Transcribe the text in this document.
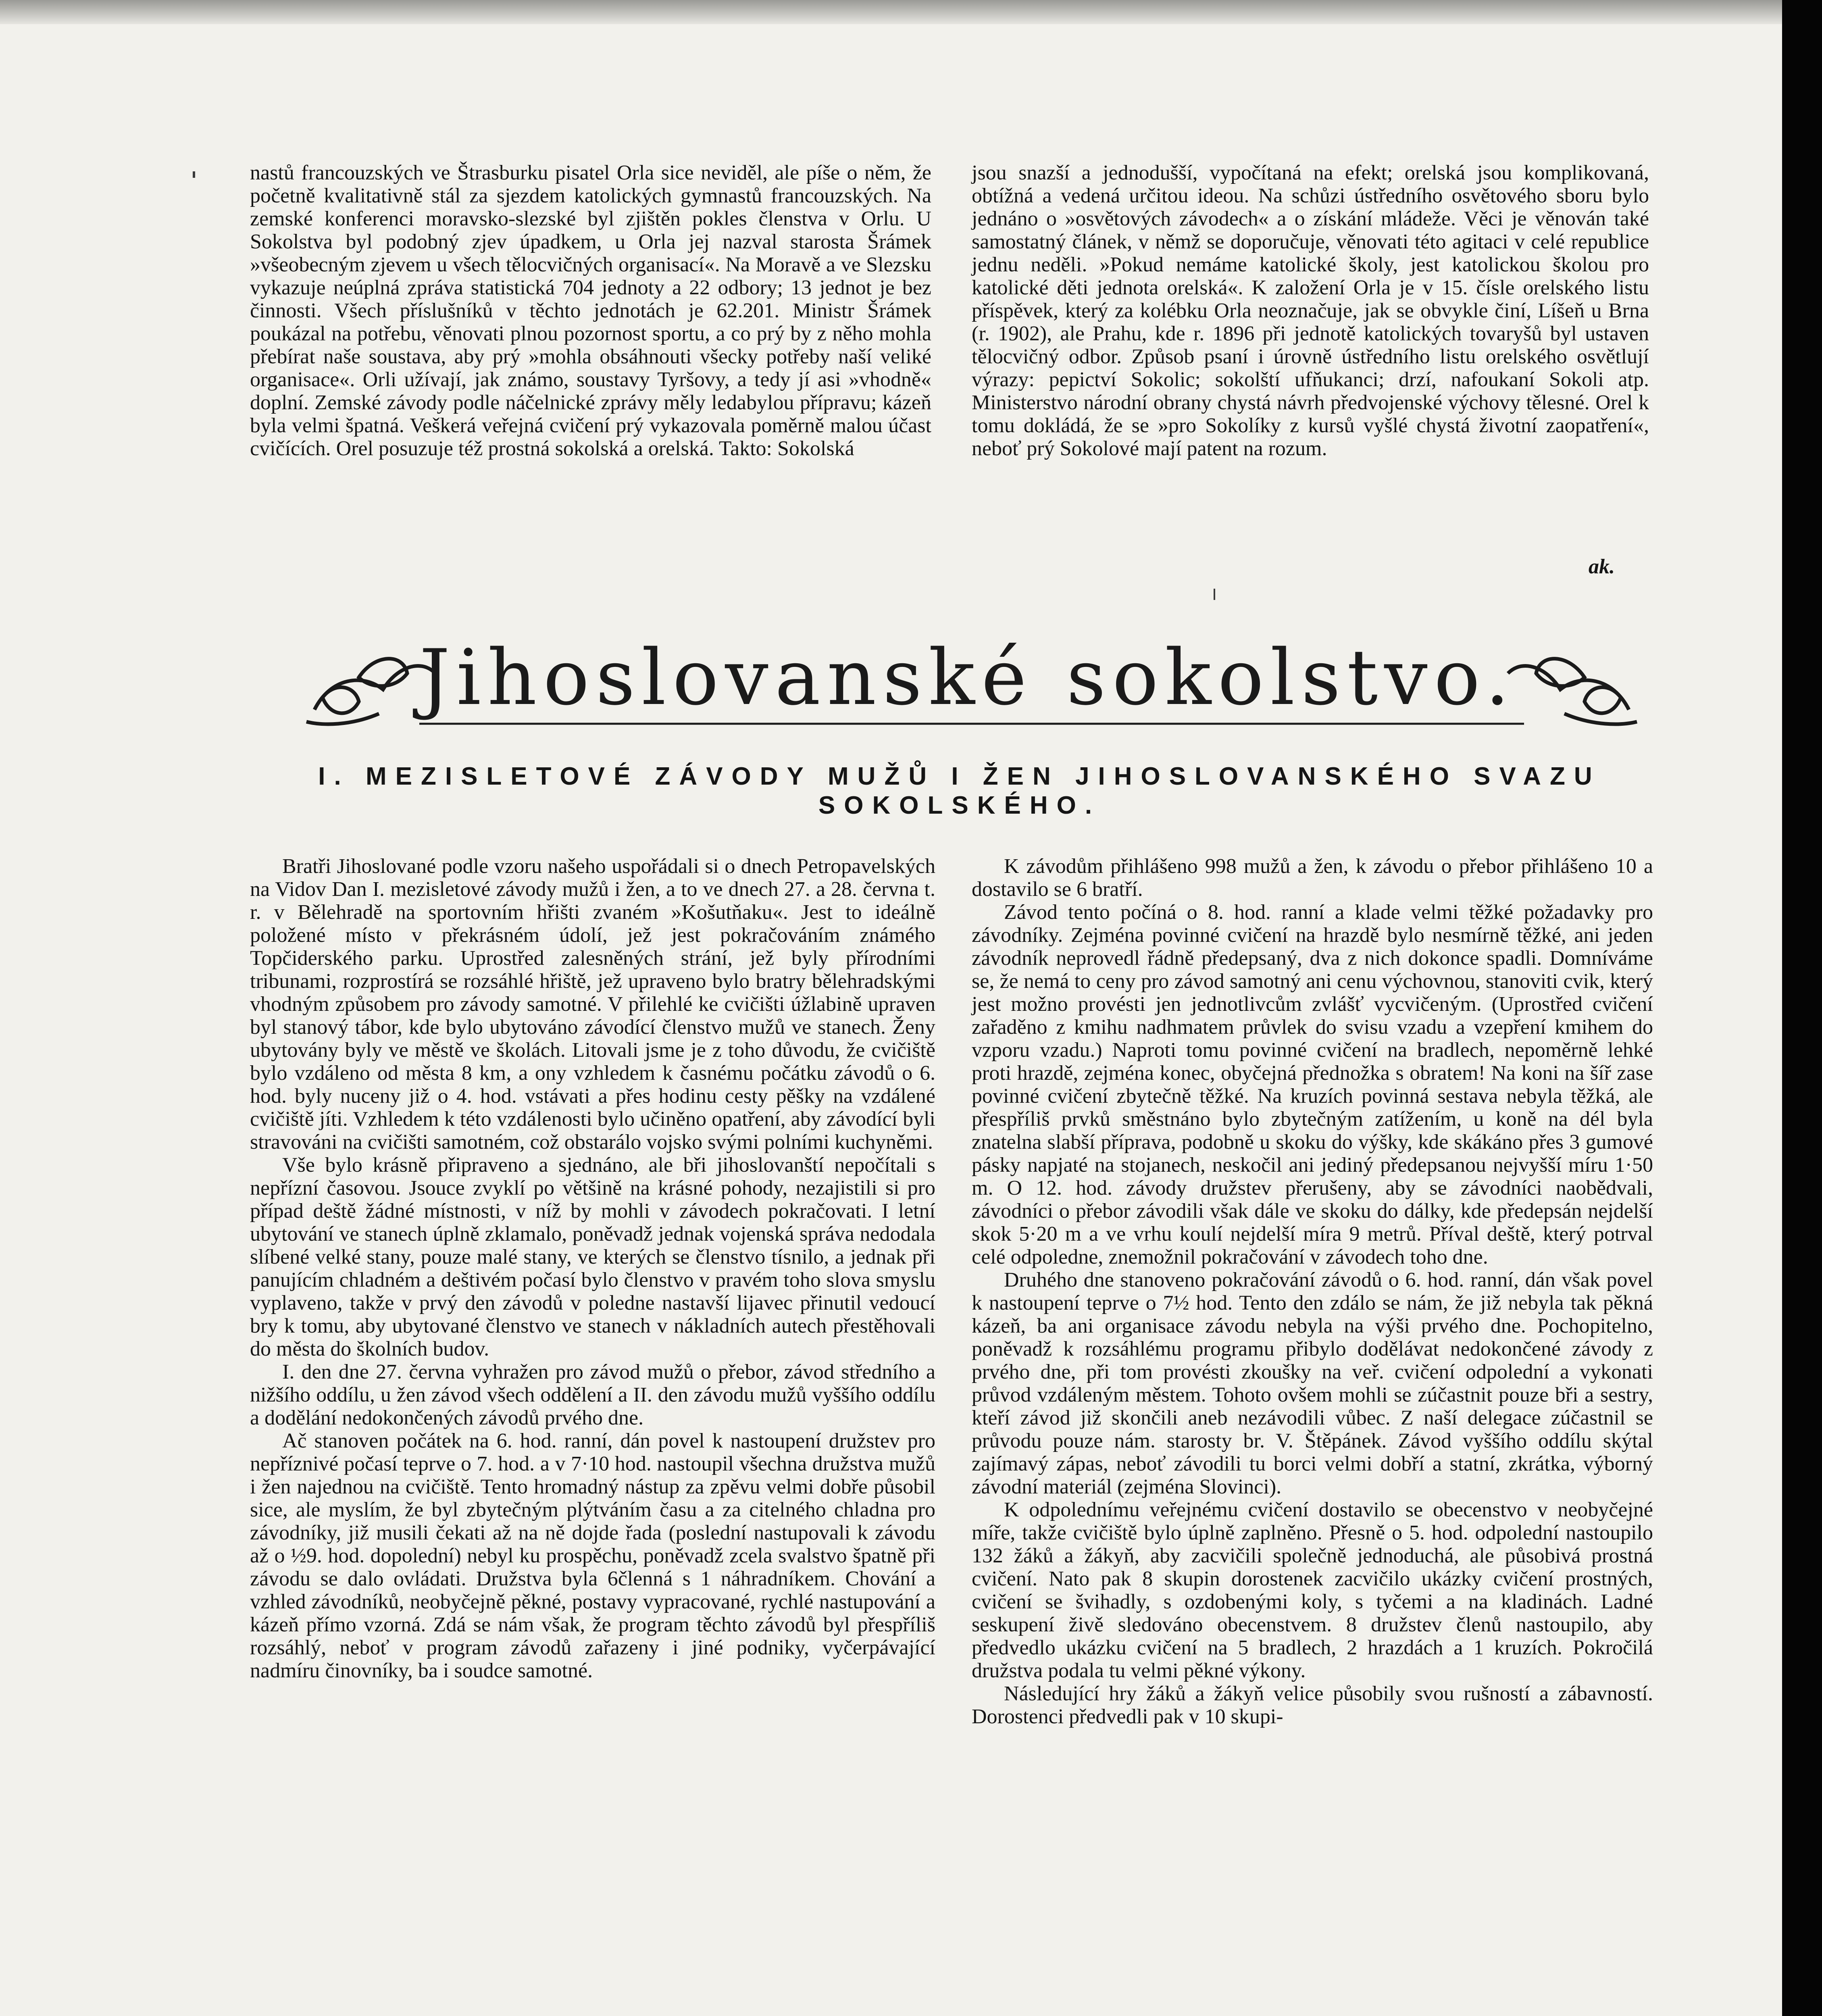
nastů francouzských ve Štrasburku pisatel Orla sice neviděl, ale píše o něm, že početně kvalitativně stál za sjezdem katolických gymnastů francouzských. Na zemské konferenci moravsko-slezské byl zjištěn pokles členstva v Orlu. U Sokolstva byl podobný zjev úpadkem, u Orla jej nazval starosta Šrámek »všeobecným zjevem u všech tělocvičných organisací«. Na Moravě a ve Slezsku vykazuje neúplná zpráva statistická 704 jednoty a 22 odbory; 13 jednot je bez činnosti. Všech příslušníků v těchto jednotách je 62.201. Ministr Šrámek poukázal na potřebu, věnovati plnou pozornost sportu, a co prý by z něho mohla přebírat naše soustava, aby prý »mohla obsáhnouti všecky potřeby naší veliké organisace«. Orli užívají, jak známo, soustavy Tyršovy, a tedy jí asi »vhodně« doplní. Zemské závody podle náčelnické zprávy měly ledabylou přípravu; kázeň byla velmi špatná. Veškerá veřejná cvičení prý vykazovala poměrně malou účast cvičících. Orel posuzuje též prostná sokolská a orelská. Takto: Sokolská

jsou snazší a jednodušší, vypočítaná na efekt; orelská jsou komplikovaná, obtížná a vedená určitou ideou. Na schůzi ústředního osvětového sboru bylo jednáno o »osvětových závodech« a o získání mládeže. Věci je věnován také samostatný článek, v němž se doporučuje, věnovati této agitaci v celé republice jednu neděli. »Pokud nemáme katolické školy, jest katolickou školou pro katolické děti jednota orelská«. K založení Orla je v 15. čísle orelského listu příspěvek, který za kolébku Orla neoznačuje, jak se obvykle činí, Líšeň u Brna (r. 1902), ale Prahu, kde r. 1896 při jednotě katolických tovaryšů byl ustaven tělocvičný odbor. Způsob psaní i úrovně ústředního listu orelského osvětlují výrazy: pepictví Sokolic; sokolští ufňukanci; drzí, nafoukaní Sokoli atp. Ministerstvo národní obrany chystá návrh předvojenské výchovy tělesné. Orel k tomu dokládá, že se »pro Sokolíky z kursů vyšlé chystá životní zaopatření«, neboť prý Sokolové mají patent na rozum.

ak.
Jihoslovanské sokolstvo.
I. MEZISLETOVÉ ZÁVODY MUŽŮ I ŽEN JIHOSLOVANSKÉHO SVAZU
SOKOLSKÉHO.

Bratři Jihoslované podle vzoru našeho uspořádali si o dnech Petropavelských na Vidov Dan I. mezisletové závody mužů i žen, a to ve dnech 27. a 28. června t. r. v Bělehradě na sportovním hřišti zvaném »Košutňaku«. Jest to ideálně položené místo v překrásném údolí, jež jest pokračováním známého Topčiderského parku. Uprostřed zalesněných strání, jež byly přírodními tribunami, rozprostírá se rozsáhlé hřiště, jež upraveno bylo bratry bělehradskými vhodným způsobem pro závody samotné. V přilehlé ke cvičišti úžlabině upraven byl stanový tábor, kde bylo ubytováno závodící členstvo mužů ve stanech. Ženy ubytovány byly ve městě ve školách. Litovali jsme je z toho důvodu, že cvičiště bylo vzdáleno od města 8 km, a ony vzhledem k časnému počátku závodů o 6. hod. byly nuceny již o 4. hod. vstávati a přes hodinu cesty pěšky na vzdálené cvičiště jíti. Vzhledem k této vzdálenosti bylo učiněno opatření, aby závodící byli stravováni na cvičišti samotném, což obstarálo vojsko svými polními kuchyněmi.

Vše bylo krásně připraveno a sjednáno, ale bři jihoslovanští nepočítali s nepřízní časovou. Jsouce zvyklí po většině na krásné pohody, nezajistili si pro případ deště žádné místnosti, v níž by mohli v závodech pokračovati. I letní ubytování ve stanech úplně zklamalo, poněvadž jednak vojenská správa nedodala slíbené velké stany, pouze malé stany, ve kterých se členstvo tísnilo, a jednak při panujícím chladném a deštivém počasí bylo členstvo v pravém toho slova smyslu vyplaveno, takže v prvý den závodů v poledne nastavší lijavec přinutil vedoucí bry k tomu, aby ubytované členstvo ve stanech v nákladních autech přestěhovali do města do školních budov.

I. den dne 27. června vyhražen pro závod mužů o přebor, závod středního a nižšího oddílu, u žen závod všech oddělení a II. den závodu mužů vyššího oddílu a dodělání nedokončených závodů prvého dne.

Ač stanoven počátek na 6. hod. ranní, dán povel k nastoupení družstev pro nepříznivé počasí teprve o 7. hod. a v 7·10 hod. nastoupil všechna družstva mužů i žen najednou na cvičiště. Tento hromadný nástup za zpěvu velmi dobře působil sice, ale myslím, že byl zbytečným plýtváním času a za citelného chladna pro závodníky, již musili čekati až na ně dojde řada (poslední nastupovali k závodu až o ½9. hod. dopolední) nebyl ku prospěchu, poněvadž zcela svalstvo špatně při závodu se dalo ovládati. Družstva byla 6členná s 1 náhradníkem. Chování a vzhled závodníků, neobyčejně pěkné, postavy vypracované, rychlé nastupování a kázeň přímo vzorná. Zdá se nám však, že program těchto závodů byl přespříliš rozsáhlý, neboť v program závodů zařazeny i jiné podniky, vyčerpávající nadmíru činovníky, ba i soudce samotné.

K závodům přihlášeno 998 mužů a žen, k závodu o přebor přihlášeno 10 a dostavilo se 6 bratří.

Závod tento počíná o 8. hod. ranní a klade velmi těžké požadavky pro závodníky. Zejména povinné cvičení na hrazdě bylo nesmírně těžké, ani jeden závodník neprovedl řádně předepsaný, dva z nich dokonce spadli. Domníváme se, že nemá to ceny pro závod samotný ani cenu výchovnou, stanoviti cvik, který jest možno provésti jen jednotlivcům zvlášť vycvičeným. (Uprostřed cvičení zařaděno z kmihu nadhmatem průvlek do svisu vzadu a vzepření kmihem do vzporu vzadu.) Naproti tomu povinné cvičení na bradlech, nepoměrně lehké proti hrazdě, zejména konec, obyčejná přednožka s obratem! Na koni na šíř zase povinné cvičení zbytečně těžké. Na kruzích povinná sestava nebyla těžká, ale přespříliš prvků směstnáno bylo zbytečným zatížením, u koně na dél byla znatelna slabší příprava, podobně u skoku do výšky, kde skákáno přes 3 gumové pásky napjaté na stojanech, neskočil ani jediný předepsanou nejvyšší míru 1·50 m. O 12. hod. závody družstev přerušeny, aby se závodníci naobědvali, závodníci o přebor závodili však dále ve skoku do dálky, kde předepsán nejdelší skok 5·20 m a ve vrhu koulí nejdelší míra 9 metrů. Příval deště, který potrval celé odpoledne, znemožnil pokračování v závodech toho dne.

Druhého dne stanoveno pokračování závodů o 6. hod. ranní, dán však povel k nastoupení teprve o 7½ hod. Tento den zdálo se nám, že již nebyla tak pěkná kázeň, ba ani organisace závodu nebyla na výši prvého dne. Pochopitelno, poněvadž k rozsáhlému programu přibylo dodělávat nedokončené závody z prvého dne, při tom provésti zkoušky na veř. cvičení odpolední a vykonati průvod vzdáleným městem. Tohoto ovšem mohli se zúčastnit pouze bři a sestry, kteří závod již skončili aneb nezávodili vůbec. Z naší delegace zúčastnil se průvodu pouze nám. starosty br. V. Štěpánek. Závod vyššího oddílu skýtal zajímavý zápas, neboť závodili tu borci velmi dobří a statní, zkrátka, výborný závodní materiál (zejména Slovinci).

K odpolednímu veřejnému cvičení dostavilo se obecenstvo v neobyčejné míře, takže cvičiště bylo úplně zaplněno. Přesně o 5. hod. odpolední nastoupilo 132 žáků a žákyň, aby zacvičili společně jednoduchá, ale působivá prostná cvičení. Nato pak 8 skupin dorostenek zacvičilo ukázky cvičení prostných, cvičení se švihadly, s ozdobenými koly, s tyčemi a na kladinách. Ladné seskupení živě sledováno obecenstvem. 8 družstev členů nastoupilo, aby předvedlo ukázku cvičení na 5 bradlech, 2 hrazdách a 1 kruzích. Pokročilá družstva podala tu velmi pěkné výkony.

Následující hry žáků a žákyň velice působily svou rušností a zábavností. Dorostenci předvedli pak v 10 skupi-
